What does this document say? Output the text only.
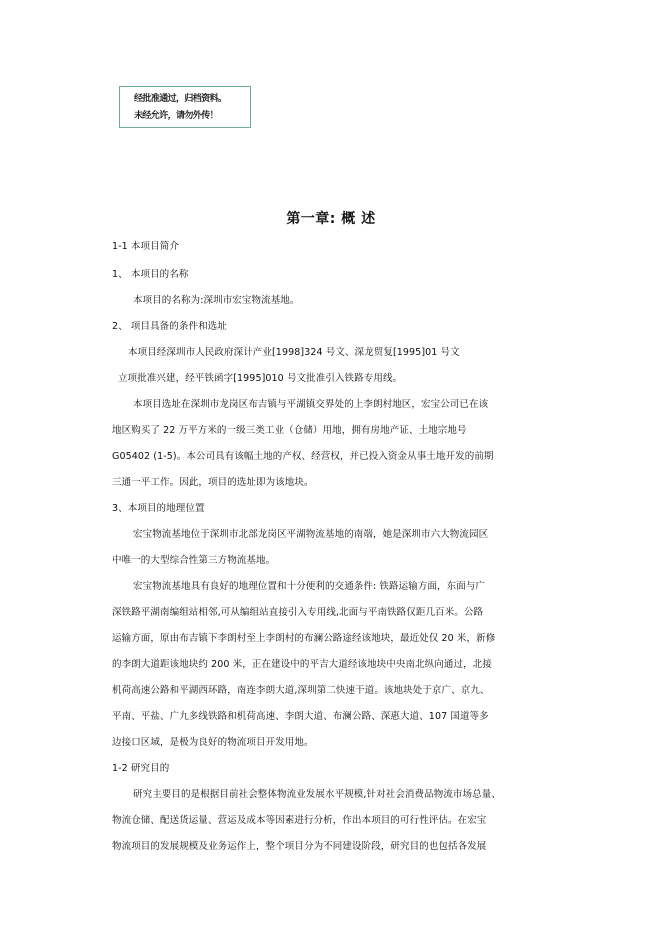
经批准通过，归档资料。
未经允许，请勿外传！
第一章: 概 述
1-1 本项目简介
1、 本项目的名称
本项目的名称为:深圳市宏宝物流基地。
2、 项目具备的条件和选址
本项目经深圳市人民政府深计产业[1998]324 号文、深龙贸复[1995]01 号文
立项批准兴建，经平铁函字[1995]010 号文批准引入铁路专用线。
本项目选址在深圳市龙岗区布吉镇与平湖镇交界处的上李朗村地区，宏宝公司已在该
地区购买了 22 万平方米的一级三类工业（仓储）用地，拥有房地产证、土地宗地号
G05402 (1-5)。本公司具有该幅土地的产权、经营权，并已投入资金从事土地开发的前期
三通一平工作。因此，项目的选址即为该地块。
3、本项目的地理位置
宏宝物流基地位于深圳市北部龙岗区平湖物流基地的南端，她是深圳市六大物流园区
中唯一的大型综合性第三方物流基地。
宏宝物流基地具有良好的地理位置和十分便利的交通条件: 铁路运输方面，东面与广
深铁路平湖南编组站相邻,可从编组站直接引入专用线,北面与平南铁路仅距几百米。公路
运输方面，原由布吉镇下李朗村至上李朗村的布澜公路途经该地块，最近处仅 20 米，新修
的李朗大道距该地块约 200 米，正在建设中的平吉大道经该地块中央南北纵向通过，北接
机荷高速公路和平湖西环路，南连李朗大道,深圳第二快速干道。该地块处于京广、京九、
平南、平盐、广九多线铁路和机荷高速、李朗大道、布澜公路、深惠大道、107 国道等多
边接口区域，是极为良好的物流项目开发用地。
1-2 研究目的
研究主要目的是根据目前社会整体物流业发展水平规模,针对社会消费品物流市场总量、
物流仓储、配送货运量、营运及成本等因素进行分析，作出本项目的可行性评估。在宏宝
物流项目的发展规模及业务运作上，整个项目分为不同建设阶段，研究目的也包括各发展
